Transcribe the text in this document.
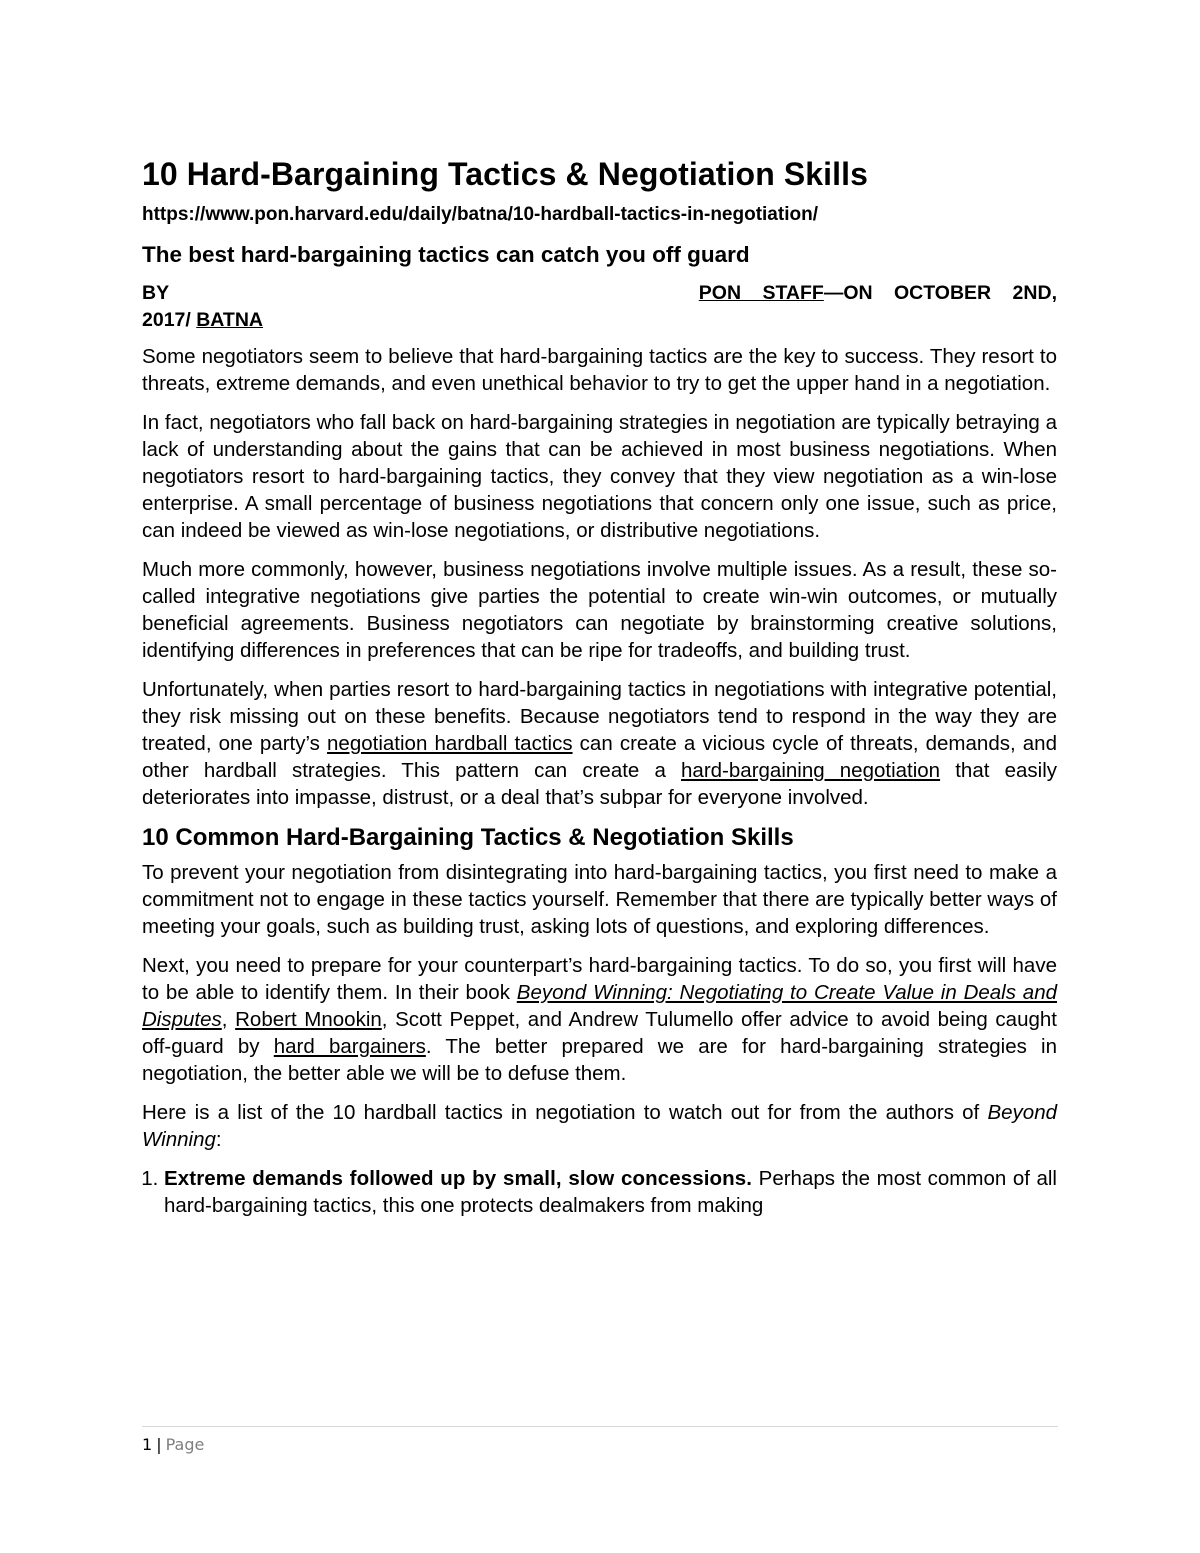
10 Hard-Bargaining Tactics & Negotiation Skills
https://www.pon.harvard.edu/daily/batna/10-hardball-tactics-in-negotiation/
The best hard-bargaining tactics can catch you off guard
BY	PON STAFF —ON OCTOBER 2ND,
2017/ BATNA

Some negotiators seem to believe that hard-bargaining tactics are the key to success. They resort to threats, extreme demands, and even unethical behavior to try to get the upper hand in a negotiation.

In fact, negotiators who fall back on hard-bargaining strategies in negotiation are typically betraying a lack of understanding about the gains that can be achieved in most business negotiations. When negotiators resort to hard-bargaining tactics, they convey that they view negotiation as a win-lose enterprise. A small percentage of business negotiations that concern only one issue, such as price, can indeed be viewed as win-lose negotiations, or distributive negotiations.

Much more commonly, however, business negotiations involve multiple issues. As a result, these so-called integrative negotiations give parties the potential to create win-win outcomes, or mutually beneficial agreements. Business negotiators can negotiate by brainstorming creative solutions, identifying differences in preferences that can be ripe for tradeoffs, and building trust.

Unfortunately, when parties resort to hard-bargaining tactics in negotiations with integrative potential, they risk missing out on these benefits. Because negotiators tend to respond in the way they are treated, one party’s negotiation hardball tactics can create a vicious cycle of threats, demands, and other hardball strategies. This pattern can create a hard-bargaining negotiation that easily deteriorates into impasse, distrust, or a deal that’s subpar for everyone involved.

10 Common Hard-Bargaining Tactics & Negotiation Skills

To prevent your negotiation from disintegrating into hard-bargaining tactics, you first need to make a commitment not to engage in these tactics yourself. Remember that there are typically better ways of meeting your goals, such as building trust, asking lots of questions, and exploring differences.

Next, you need to prepare for your counterpart’s hard-bargaining tactics. To do so, you first will have to be able to identify them. In their book Beyond Winning: Negotiating to Create Value in Deals and Disputes, Robert Mnookin, Scott Peppet, and Andrew Tulumello offer advice to avoid being caught off-guard by hard bargainers. The better prepared we are for hard-bargaining strategies in negotiation, the better able we will be to defuse them.

Here is a list of the 10 hardball tactics in negotiation to watch out for from the authors of Beyond Winning:

1. Extreme demands followed up by small, slow concessions. Perhaps the most common of all hard-bargaining tactics, this one protects dealmakers from making
1 | Page
